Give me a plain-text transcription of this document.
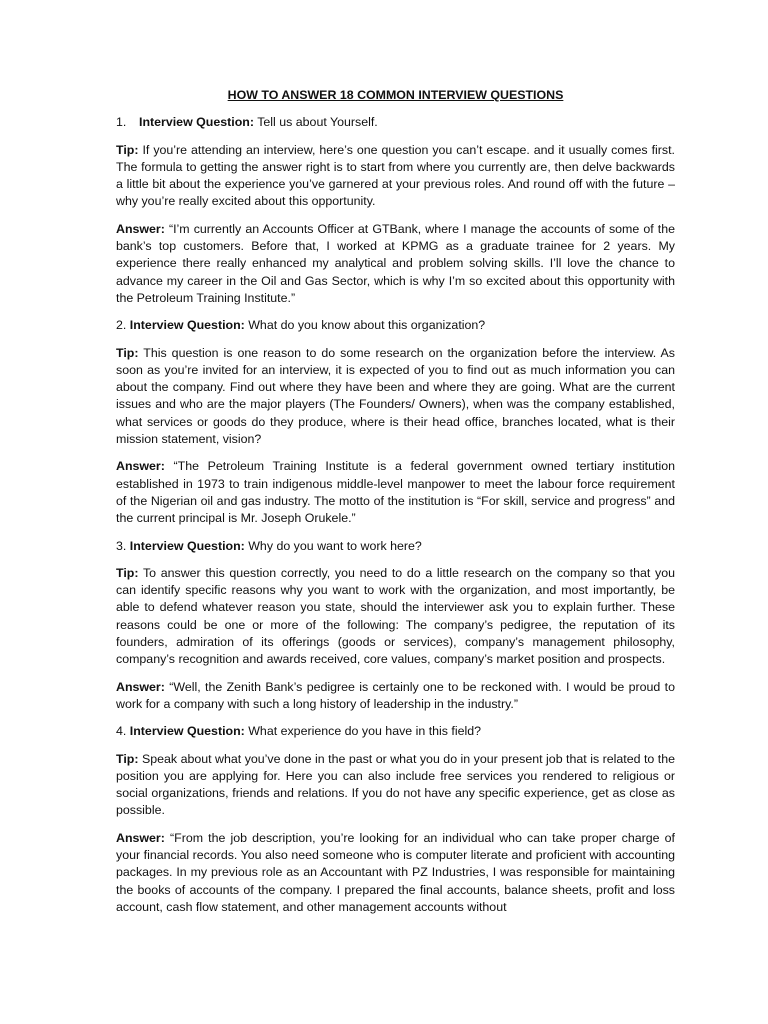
HOW TO ANSWER 18 COMMON INTERVIEW QUESTIONS
1. Interview Question: Tell us about Yourself.

Tip: If you’re attending an interview, here’s one question you can’t escape. and it usually comes first. The formula to getting the answer right is to start from where you currently are, then delve backwards a little bit about the experience you’ve garnered at your previous roles. And round off with the future – why you’re really excited about this opportunity.

Answer: “I’m currently an Accounts Officer at GTBank, where I manage the accounts of some of the bank’s top customers. Before that, I worked at KPMG as a graduate trainee for 2 years. My experience there really enhanced my analytical and problem solving skills. I’ll love the chance to advance my career in the Oil and Gas Sector, which is why I’m so excited about this opportunity with the Petroleum Training Institute.”

2. Interview Question: What do you know about this organization?

Tip: This question is one reason to do some research on the organization before the interview. As soon as you’re invited for an interview, it is expected of you to find out as much information you can about the company. Find out where they have been and where they are going. What are the current issues and who are the major players (The Founders/ Owners), when was the company established, what services or goods do they produce, where is their head office, branches located, what is their mission statement, vision?

Answer: “The Petroleum Training Institute is a federal government owned tertiary institution established in 1973 to train indigenous middle-level manpower to meet the labour force requirement of the Nigerian oil and gas industry. The motto of the institution is “For skill, service and progress” and the current principal is Mr. Joseph Orukele.”

3. Interview Question: Why do you want to work here?

Tip: To answer this question correctly, you need to do a little research on the company so that you can identify specific reasons why you want to work with the organization, and most importantly, be able to defend whatever reason you state, should the interviewer ask you to explain further. These reasons could be one or more of the following: The company’s pedigree, the reputation of its founders, admiration of its offerings (goods or services), company’s management philosophy, company’s recognition and awards received, core values, company’s market position and prospects.

Answer: “Well, the Zenith Bank’s pedigree is certainly one to be reckoned with. I would be proud to work for a company with such a long history of leadership in the industry.”

4. Interview Question: What experience do you have in this field?

Tip: Speak about what you’ve done in the past or what you do in your present job that is related to the position you are applying for. Here you can also include free services you rendered to religious or social organizations, friends and relations. If you do not have any specific experience, get as close as possible.

Answer: “From the job description, you’re looking for an individual who can take proper charge of your financial records. You also need someone who is computer literate and proficient with accounting packages. In my previous role as an Accountant with PZ Industries, I was responsible for maintaining the books of accounts of the company. I prepared the final accounts, balance sheets, profit and loss account, cash flow statement, and other management accounts without
